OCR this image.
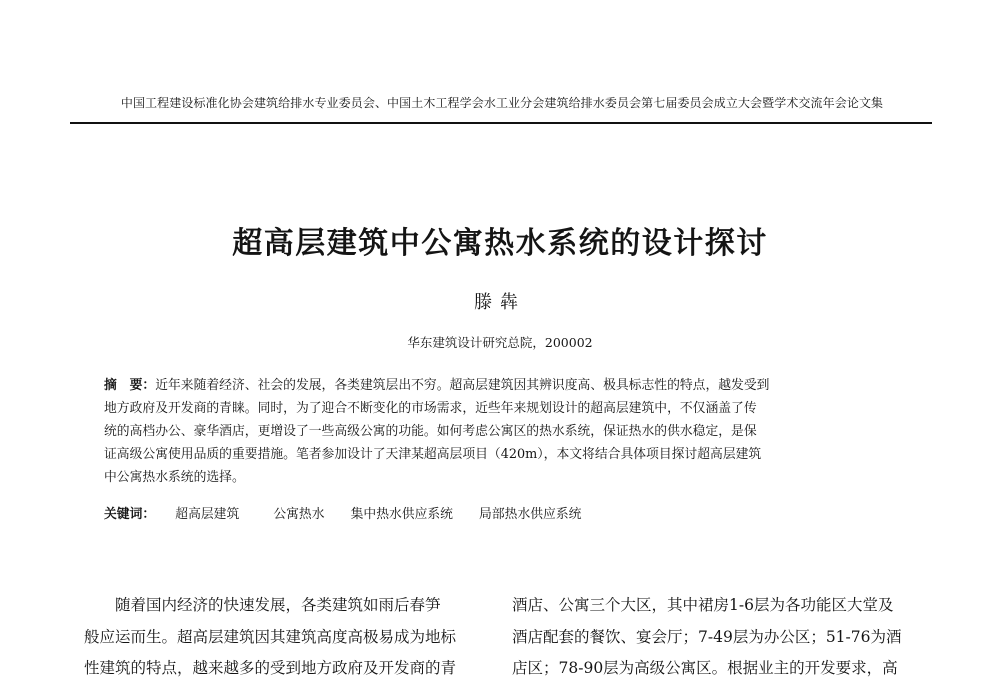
中国工程建设标准化协会建筑给排水专业委员会、中国土木工程学会水工业分会建筑给排水委员会第七届委员会成立大会暨学术交流年会论文集
超高层建筑中公寓热水系统的设计探讨
滕犇
华东建筑设计研究总院，200002
摘　要：近年来随着经济、社会的发展，各类建筑层出不穷。超高层建筑因其辨识度高、极具标志性的特点，越发受到
地方政府及开发商的青睐。同时，为了迎合不断变化的市场需求，近些年来规划设计的超高层建筑中，不仅涵盖了传
统的高档办公、豪华酒店，更增设了一些高级公寓的功能。如何考虑公寓区的热水系统，保证热水的供水稳定，是保
证高级公寓使用品质的重要措施。笔者参加设计了天津某超高层项目（420m），本文将结合具体项目探讨超高层建筑
中公寓热水系统的选择。
关键词： 超高层建筑	公寓热水 集中热水供应系统 局部热水供应系统
　　随着国内经济的快速发展，各类建筑如雨后春笋
般应运而生。超高层建筑因其建筑高度高极易成为地标
性建筑的特点，越来越多的受到地方政府及开发商的青
酒店、公寓三个大区，其中裙房1-6层为各功能区大堂及
酒店配套的餐饮、宴会厅；7-49层为办公区；51-76为酒
店区；78-90层为高级公寓区。根据业主的开发要求，高
